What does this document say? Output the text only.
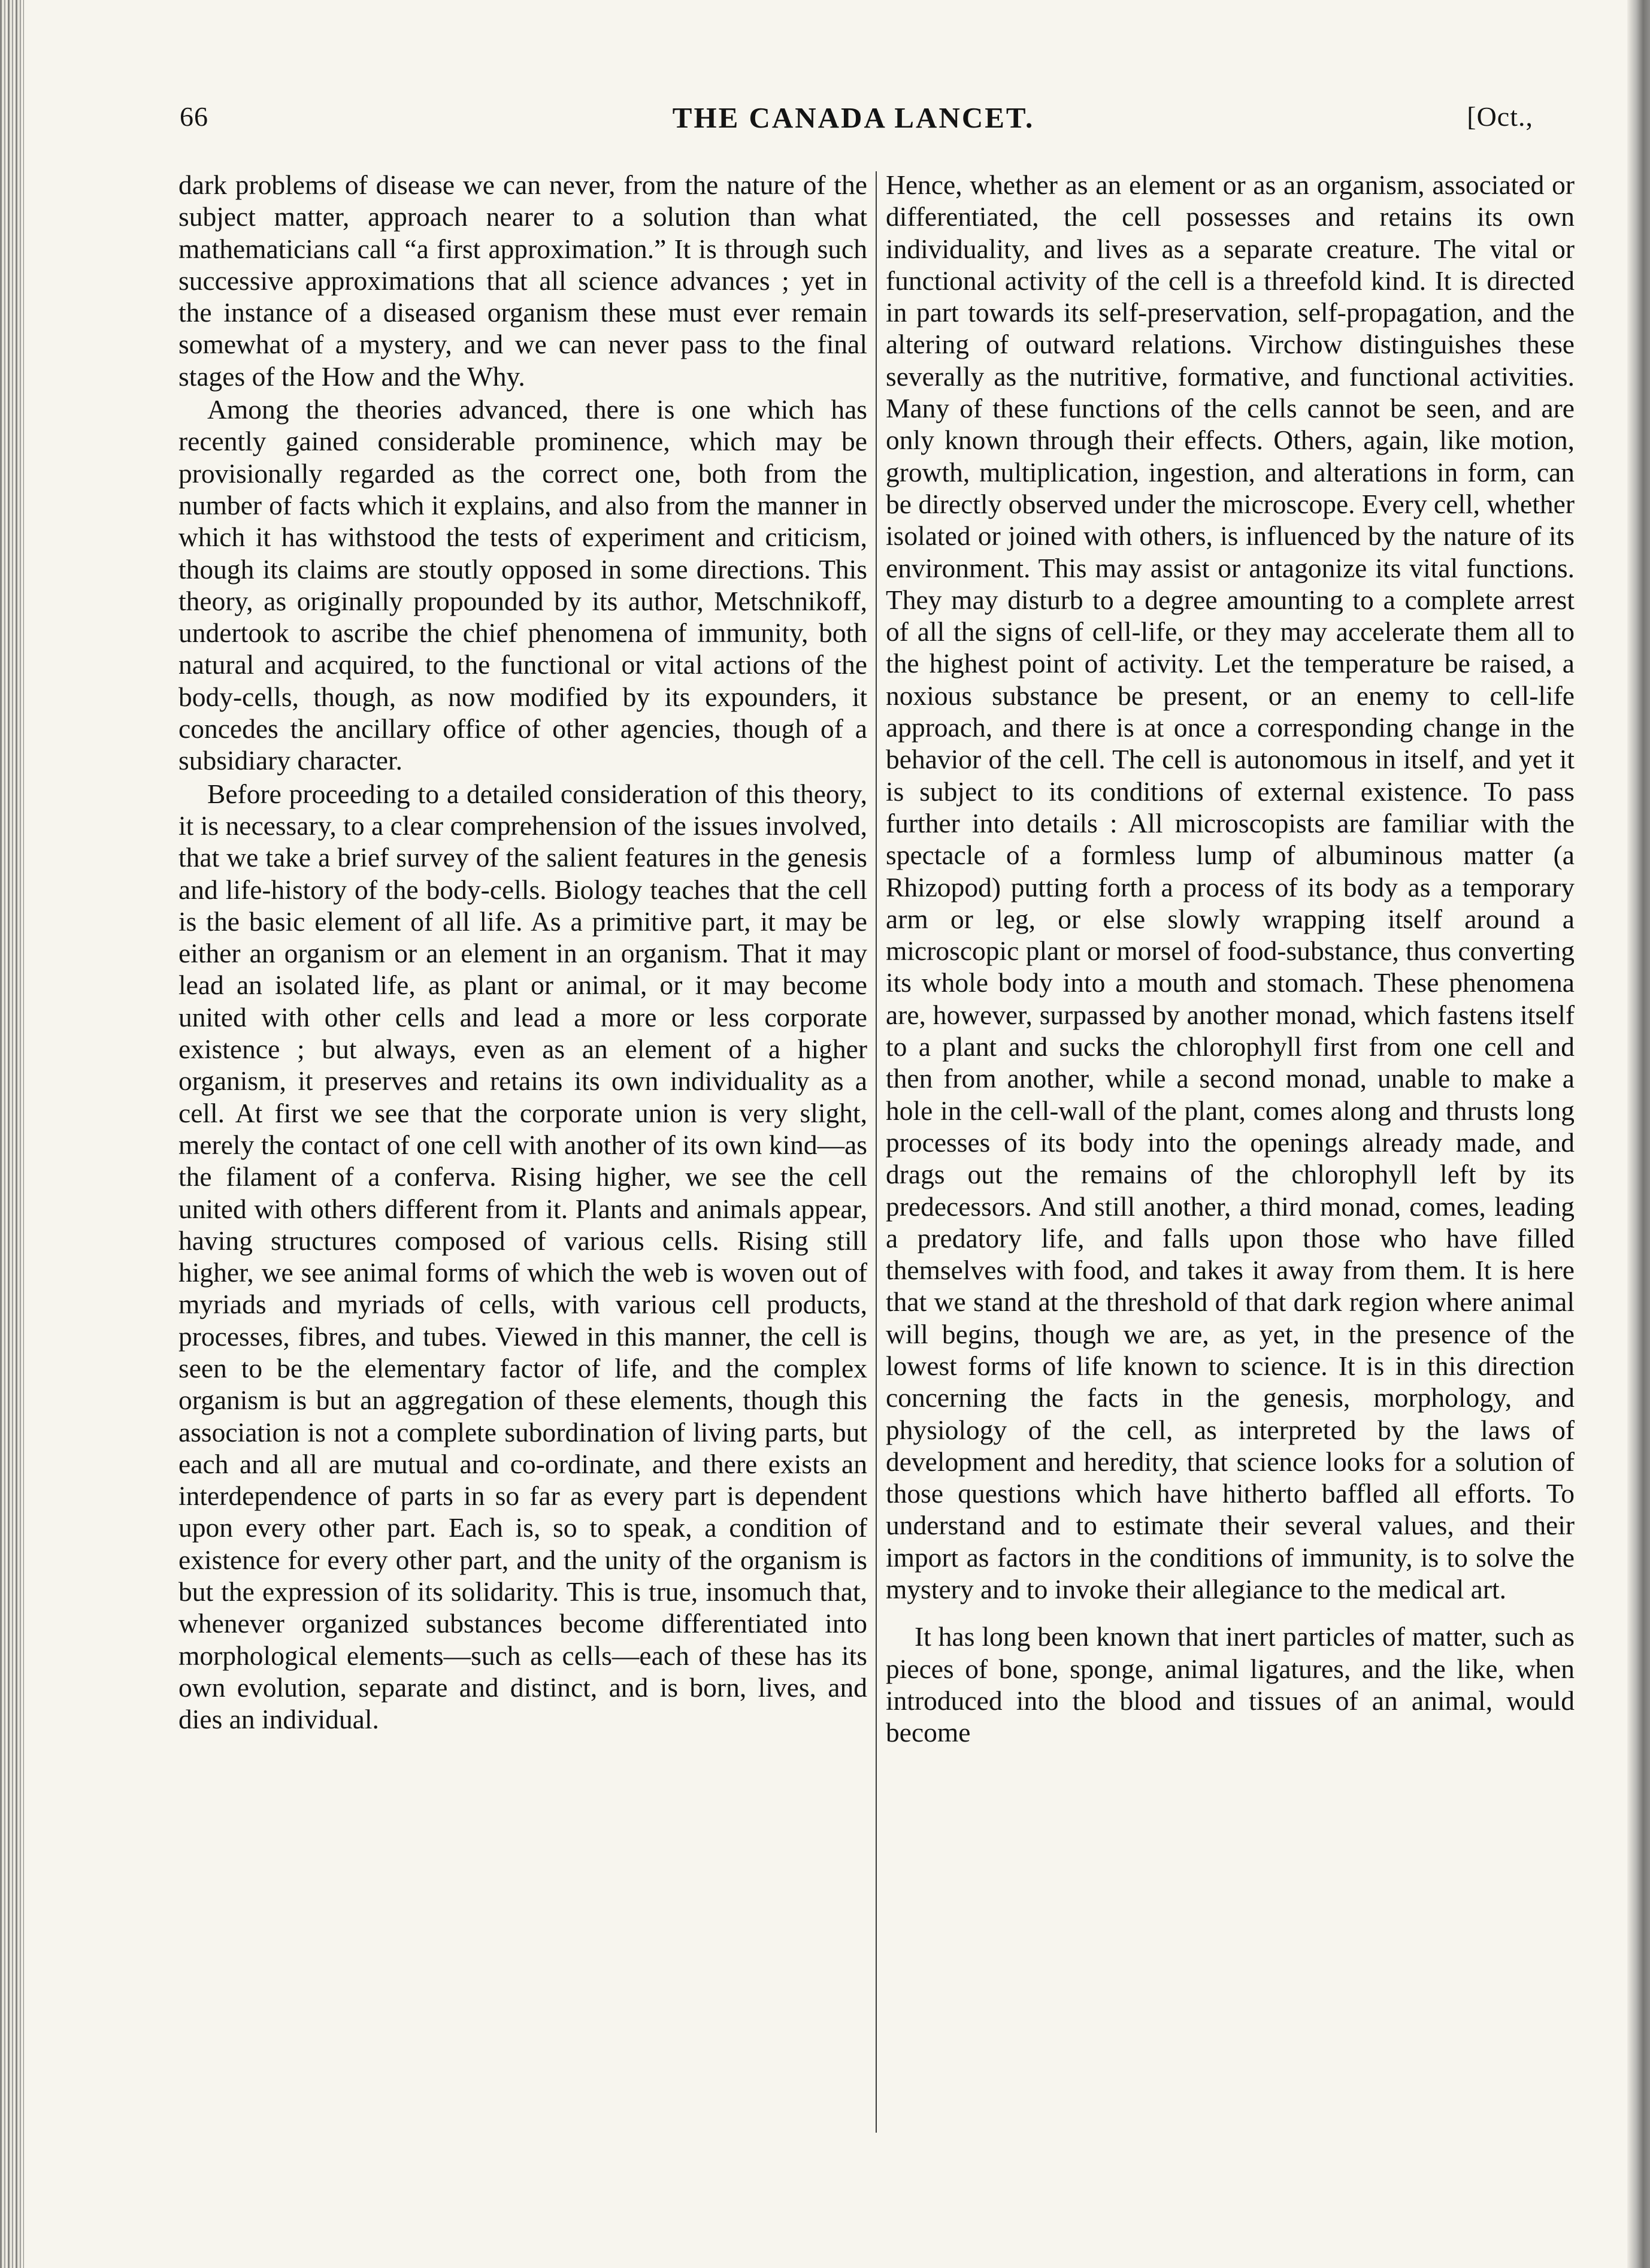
66	THE CANADA LANCET.	[Oct.,

dark problems of disease we can never, from the nature of the subject matter, approach nearer to a solution than what mathematicians call “a first approximation.” It is through such successive approximations that all science advances ; yet in the instance of a diseased organism these must ever remain somewhat of a mystery, and we can never pass to the final stages of the How and the Why.

Among the theories advanced, there is one which has recently gained considerable prominence, which may be provisionally regarded as the correct one, both from the number of facts which it explains, and also from the manner in which it has withstood the tests of experiment and criticism, though its claims are stoutly opposed in some directions. This theory, as originally propounded by its author, Metschnikoff, undertook to ascribe the chief phenomena of immunity, both natural and acquired, to the functional or vital actions of the body-cells, though, as now modified by its expounders, it concedes the ancillary office of other agencies, though of a subsidiary character.

Before proceeding to a detailed consideration of this theory, it is necessary, to a clear comprehension of the issues involved, that we take a brief survey of the salient features in the genesis and life-history of the body-cells. Biology teaches that the cell is the basic element of all life. As a primitive part, it may be either an organism or an element in an organism. That it may lead an isolated life, as plant or animal, or it may become united with other cells and lead a more or less corporate existence ; but always, even as an element of a higher organism, it preserves and retains its own individuality as a cell. At first we see that the corporate union is very slight, merely the contact of one cell with another of its own kind—as the filament of a conferva. Rising higher, we see the cell united with others different from it. Plants and animals appear, having structures composed of various cells. Rising still higher, we see animal forms of which the web is woven out of myriads and myriads of cells, with various cell products, processes, fibres, and tubes. Viewed in this manner, the cell is seen to be the elementary factor of life, and the complex organism is but an aggregation of these elements, though this association is not a complete subordination of living parts, but each and all are mutual and co-ordinate, and there exists an interdependence of parts in so far as every part is dependent upon every other part. Each is, so to speak, a condition of existence for every other part, and the unity of the organism is but the expression of its solidarity. This is true, insomuch that, whenever organized substances become differentiated into morphological elements—such as cells—each of these has its own evolution, separate and distinct, and is born, lives, and dies an individual.

Hence, whether as an element or as an organism, associated or differentiated, the cell possesses and retains its own individuality, and lives as a separate creature. The vital or functional activity of the cell is a threefold kind. It is directed in part towards its self-preservation, self-propagation, and the altering of outward relations. Virchow distinguishes these severally as the nutritive, formative, and functional activities. Many of these functions of the cells cannot be seen, and are only known through their effects. Others, again, like motion, growth, multiplication, ingestion, and alterations in form, can be directly observed under the microscope. Every cell, whether isolated or joined with others, is influenced by the nature of its environment. This may assist or antagonize its vital functions. They may disturb to a degree amounting to a complete arrest of all the signs of cell-life, or they may accelerate them all to the highest point of activity. Let the temperature be raised, a noxious substance be present, or an enemy to cell-life approach, and there is at once a corresponding change in the behavior of the cell. The cell is autonomous in itself, and yet it is subject to its conditions of external existence. To pass further into details : All microscopists are familiar with the spectacle of a formless lump of albuminous matter (a Rhizopod) putting forth a process of its body as a temporary arm or leg, or else slowly wrapping itself around a microscopic plant or morsel of food-substance, thus converting its whole body into a mouth and stomach. These phenomena are, however, surpassed by another monad, which fastens itself to a plant and sucks the chlorophyll first from one cell and then from another, while a second monad, unable to make a hole in the cell-wall of the plant, comes along and thrusts long processes of its body into the openings already made, and drags out the remains of the chlorophyll left by its predecessors. And still another, a third monad, comes, leading a predatory life, and falls upon those who have filled themselves with food, and takes it away from them. It is here that we stand at the threshold of that dark region where animal will begins, though we are, as yet, in the presence of the lowest forms of life known to science. It is in this direction concerning the facts in the genesis, morphology, and physiology of the cell, as interpreted by the laws of development and heredity, that science looks for a solution of those questions which have hitherto baffled all efforts. To understand and to estimate their several values, and their import as factors in the conditions of immunity, is to solve the mystery and to invoke their allegiance to the medical art.

It has long been known that inert particles of matter, such as pieces of bone, sponge, animal ligatures, and the like, when introduced into the blood and tissues of an animal, would become
